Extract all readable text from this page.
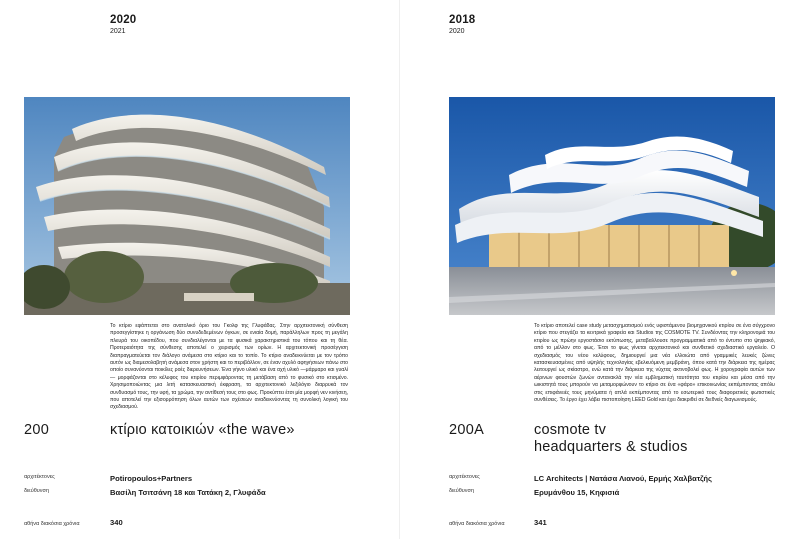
2020
2021
Το κτίριο εφάπτεται στο ανατολικό όριο του Γκολφ της Γλυφάδας. Στην αρχιτεκτονική σύνθεση προσεγγίστηκε η οργάνωση δύο συνυδεδεμένων όγκων, σε ενιαία δομή, παράλληλων προς τη μεγάλη πλευρά του οικοπέδου, που συνδιαλέγονται με τα φυσικά χαρακτηριστικά του τόπου και τη θέα. Προτεραιότητα της σύνθεσης αποτελεί ο χειρισμός των ορίων. Η αρχιτεκτονική προσέγγιση διαπραγματεύεται τον διάλογο ανάμεσα στο κτίριο και το τοπίο. Το κτίριο αναδεικνύεται με τον τρόπο αυτόν ως διαμεσολαβητή ανάμεσα στον χρήστη και το περιβάλλον, σε έναν αχυλό αφηγήσεων πάνω στο οποίο συνανύονται ποικίλες ροές διερευνήσεων. Ένα γήινο υλικό και ένα αχή υλικό —μάρμαρο και γυαλί— μορφάζονται στο κέλυφος του κτιρίου περιμφάροντας τη μετάβαση από το φυσικό στο κτισμένο. Χρησιμοποιώντας μια λιτή κατασκευαστική έκφραση, τα αρχιτεκτονικό λεξιλόγιο διαρρυκά τον συνδυασμό τους, την υφή, τα χρώμα, την αντίθεσή τους στο φως. Προκύπτει έτσι μία μορφή νεν κινήσεη, που αποτελεί την εξισορρόπηση όλων αυτών των σχέσεων αναδεικνύοντας τη συνολική λογική του σχεδιασμού.
200	κτίριο κατοικιών «the wave»
αρχιτέκτονες	Potiropoulos+Partners
διεύθυνση	Βασίλη Τσιτσάνη 18 και Τατάκη 2, Γλυφάδα
αθήνα διακόσια χρόνια	340
2018
2020
Το κτίριο αποτελεί case study μετασχηματισμού ενός υφιστάμενου βιομηχανικού κτιρίου σε ένα σύγχρονο κτίριο που στεγάζει τα κεντρικά γραφεία και Studios της COSMOTE TV. Συνδέοντας την κληρονομιά του κτιρίου ως πρώην εργοστάσιο εκτύπωσης, μεταβαλλουσε προγραμματικά από το έντυπο στο ψηφιακό, από το μέλλον στο φως. Έτσι το φως γίνεται αρχιτεκτονικό και συνθετικό σχεδιαστικό εργαλείο. Ο σχεδιασμός του νέου κελύφους, δημιουργεί μια νέα ελλοιώτα από γραμμικές λευκές ζώνες κατασκευασμένες από υψηλής τεχνολογίας εβελκυόμενη μεμβράνη, όπου κατά την διάρκεια της ημέρας λειτουργεί ως σκίαστρο, ενώ κατά την διάρκεια της νύχτας ακτινοβολεί φως. Η χορογραφία αυτών των αέρινων φουστών ζωνών αντανακλά την νέα εμβληματική ταυτότητα του κτιρίου και μέσα από την ωικιστητά τους μπορούν να μεταμορφώνουν το κτίριο σε ένα «φάρο» επικοινωνίας εκπέμποντας απόλυ στις επιφάνειές τους μηνύματα ή απλά εκπέμποντας από το εσωτερικό τους διαφορετικές φωτιστικές συνθέσεις. Το έργο έχει λάβει πιστοποίηση LEED Gold και έχει διακριθεί σε διεθνείς διαγωνισμούς.
200A	cosmote tv
headquarters & studios
αρχιτέκτονες	LC Architects | Νατάσα Λιανού, Ερμής Χαλβατζής
διεύθυνση	Ερυμάνθου 15, Κηφισιά
αθήνα διακόσια χρόνια	341
